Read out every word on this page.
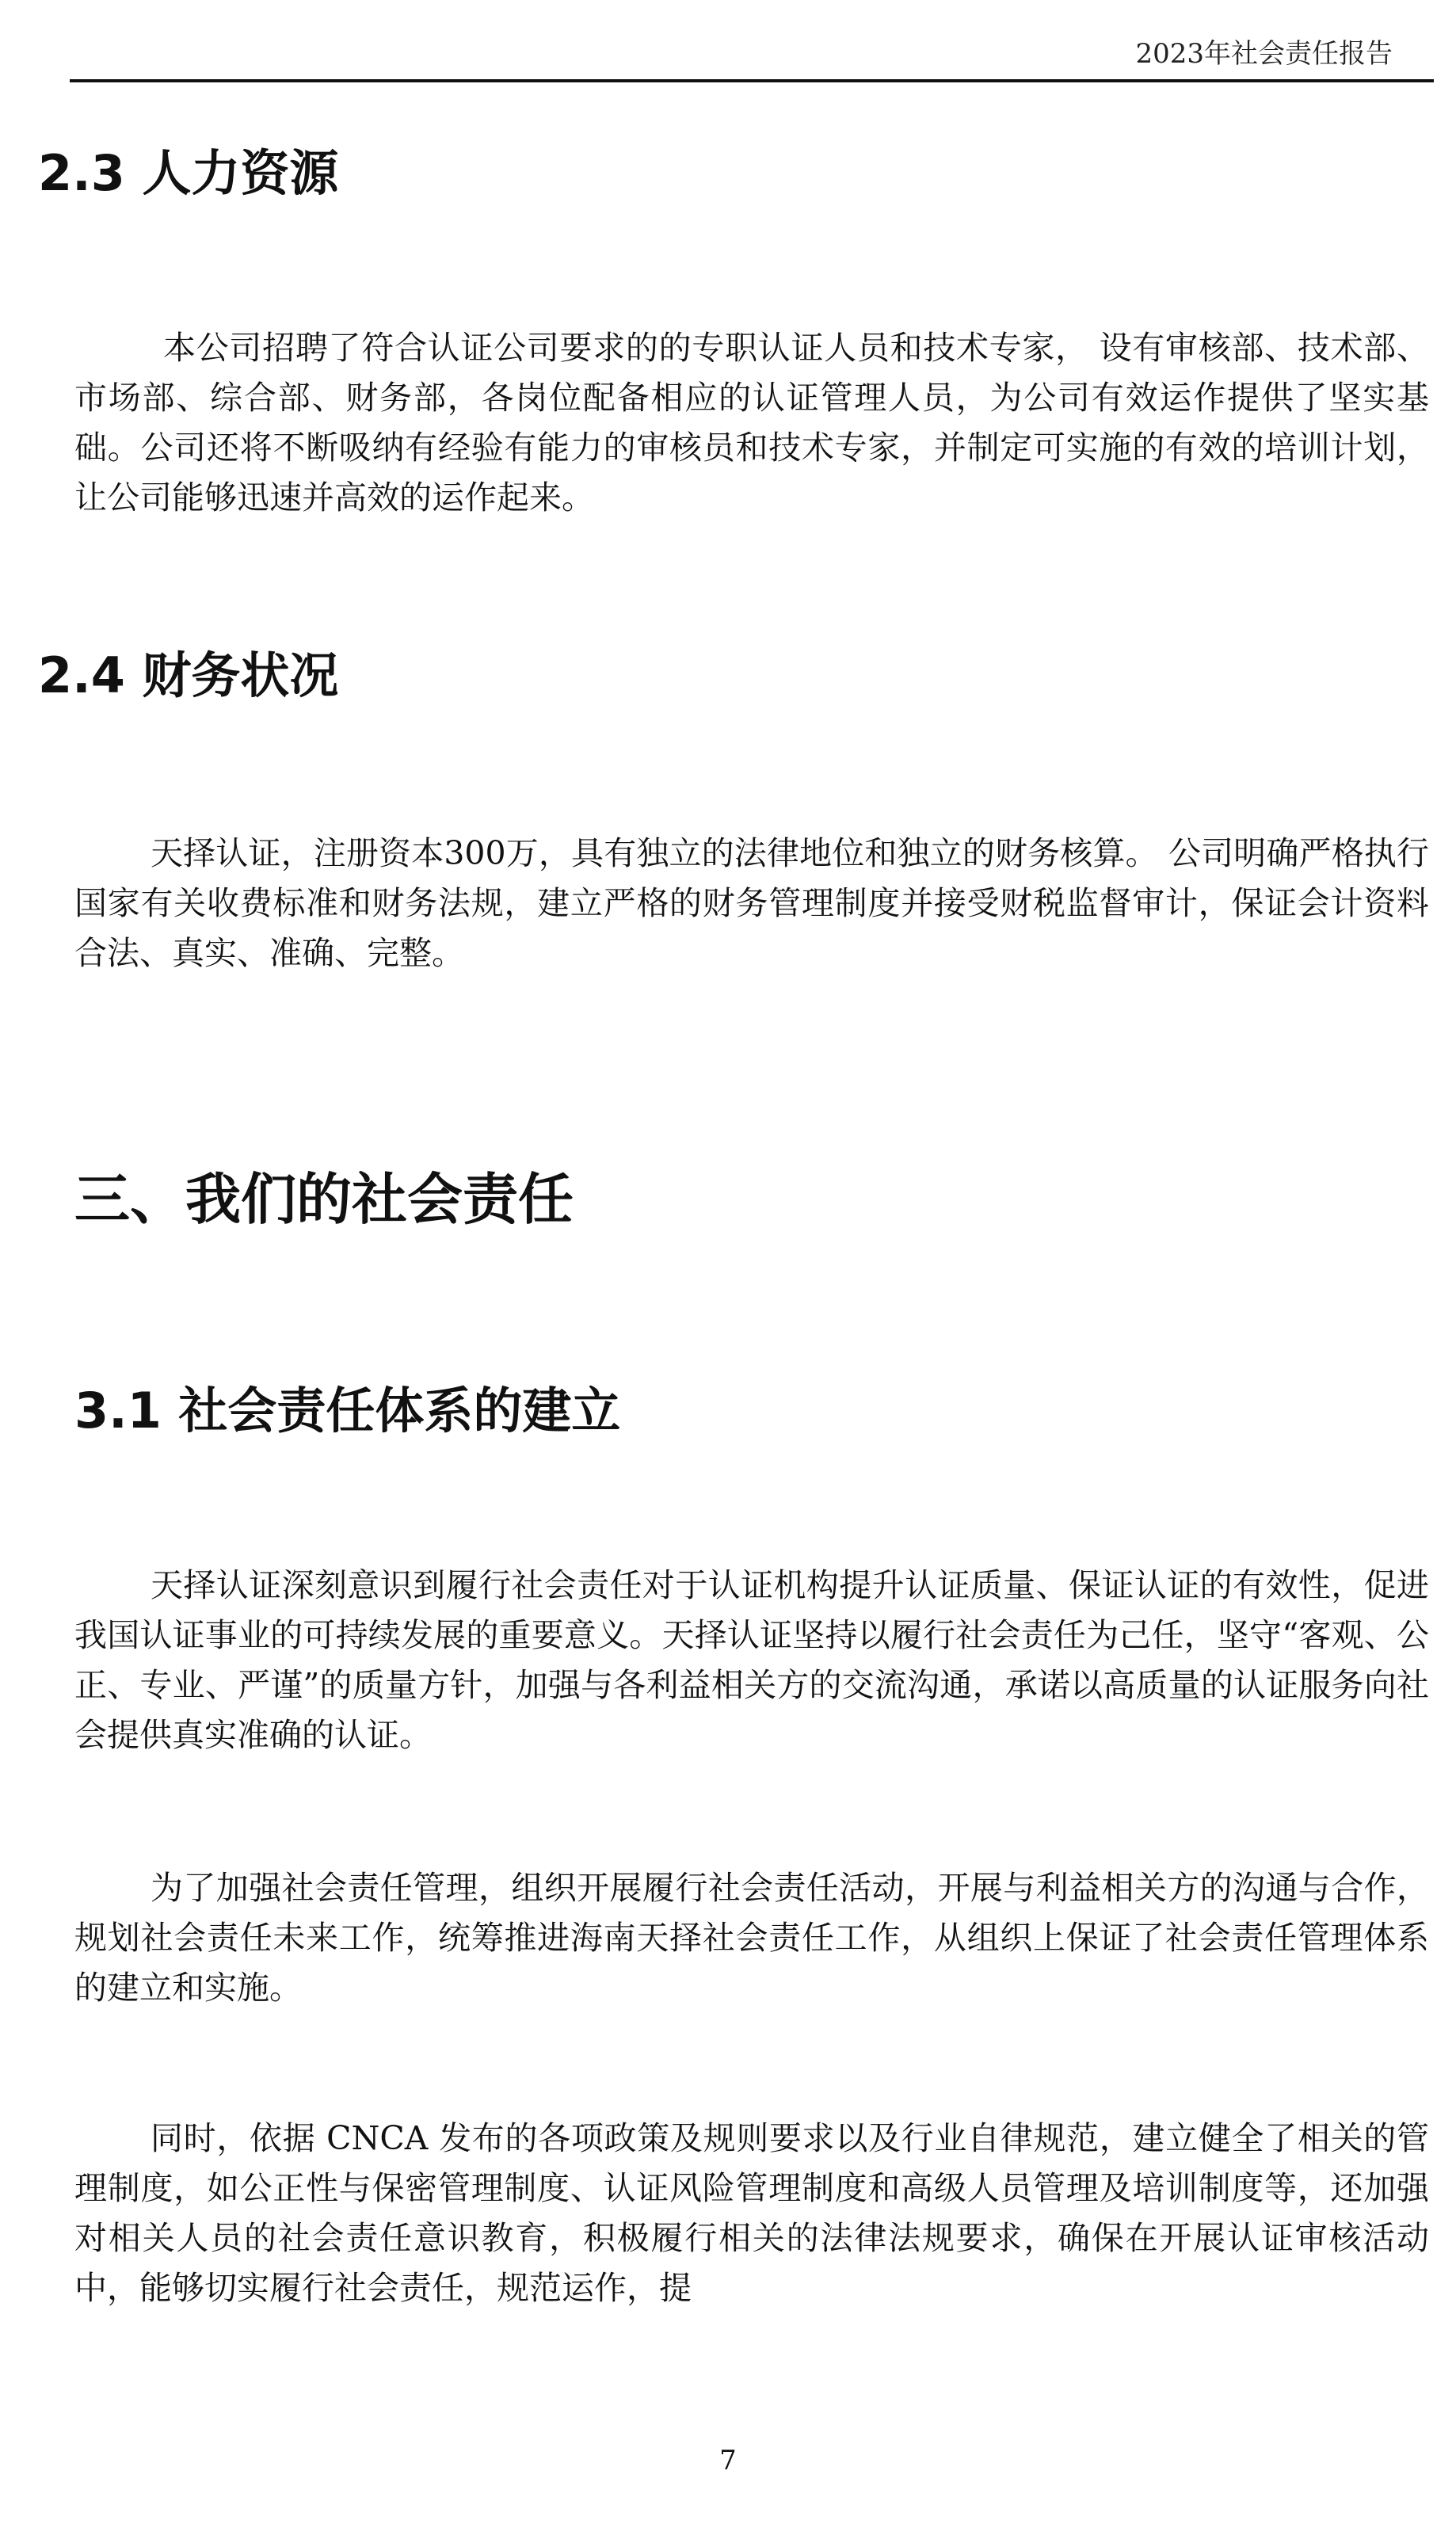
2023年社会责任报告
2.3 人力资源

本公司招聘了符合认证公司要求的的专职认证人员和技术专家， 设有审核部、技术部、市场部、综合部、财务部，各岗位配备相应的认证管理人员，为公司有效运作提供了坚实基础。公司还将不断吸纳有经验有能力的审核员和技术专家，并制定可实施的有效的培训计划，让公司能够迅速并高效的运作起来。

2.4 财务状况

天择认证，注册资本300万，具有独立的法律地位和独立的财务核算。 公司明确严格执行国家有关收费标准和财务法规，建立严格的财务管理制度并接受财税监督审计，保证会计资料合法、真实、准确、完整。

三、我们的社会责任
3.1 社会责任体系的建立

天择认证深刻意识到履行社会责任对于认证机构提升认证质量、保证认证的有效性，促进我国认证事业的可持续发展的重要意义。天择认证坚持以履行社会责任为己任，坚守“客观、公正、专业、严谨”的质量方针，加强与各利益相关方的交流沟通，承诺以高质量的认证服务向社会提供真实准确的认证。

为了加强社会责任管理，组织开展履行社会责任活动，开展与利益相关方的沟通与合作，规划社会责任未来工作，统筹推进海南天择社会责任工作，从组织上保证了社会责任管理体系的建立和实施。

同时，依据 CNCA 发布的各项政策及规则要求以及行业自律规范，建立健全了相关的管理制度，如公正性与保密管理制度、认证风险管理制度和高级人员管理及培训制度等，还加强对相关人员的社会责任意识教育，积极履行相关的法律法规要求，确保在开展认证审核活动中，能够切实履行社会责任，规范运作，提

7
